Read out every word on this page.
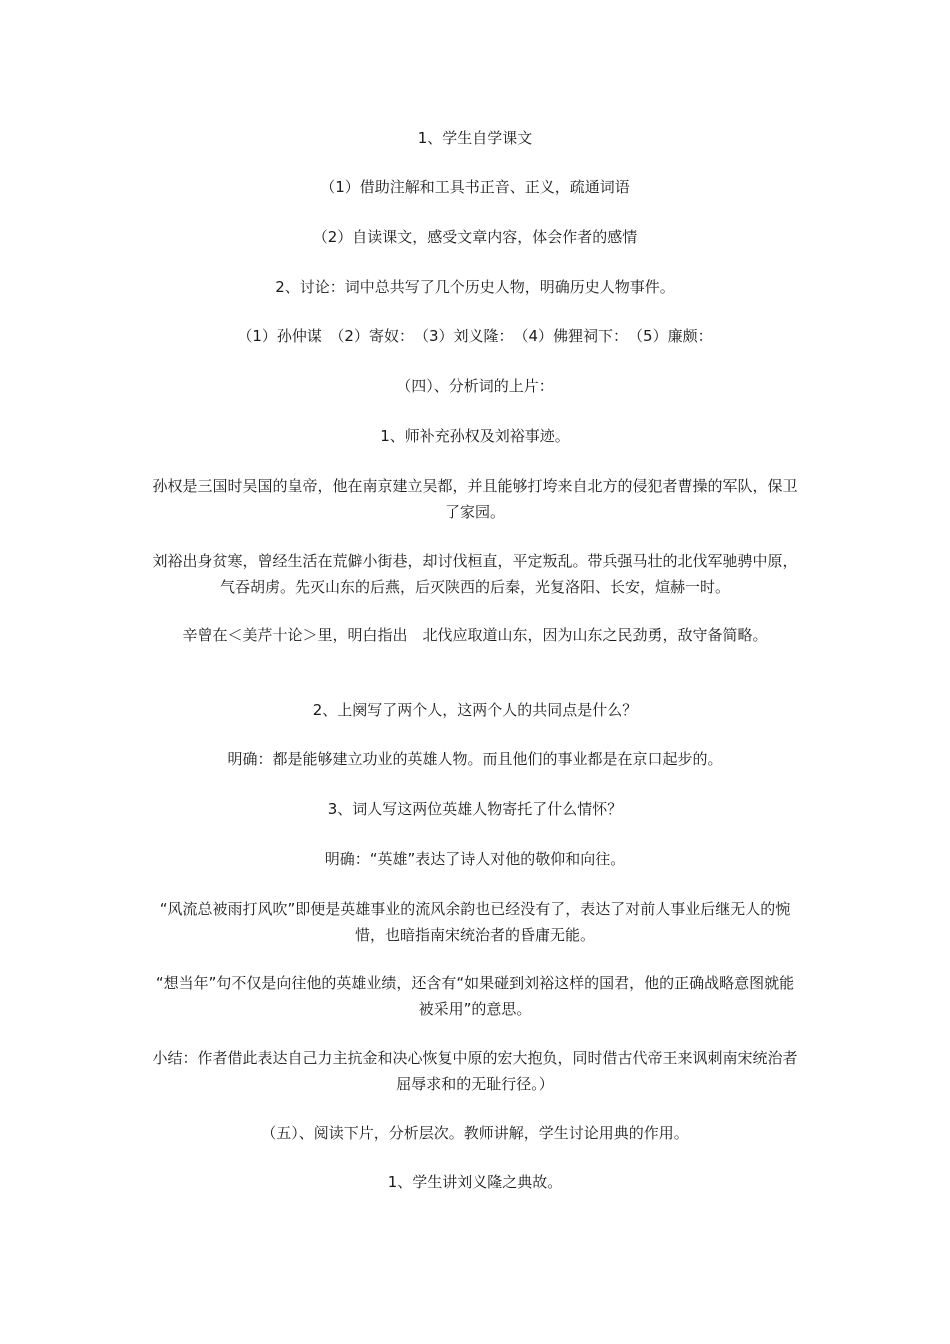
1、学生自学课文
（1）借助注解和工具书正音、正义，疏通词语
（2）自读课文，感受文章内容，体会作者的感情
2、讨论：词中总共写了几个历史人物，明确历史人物事件。
（1）孙仲谋　（2）寄奴：　（3）刘义隆：　（4）佛狸祠下：　（5）廉颇：
（四）、分析词的上片：
1、师补充孙权及刘裕事迹。
孙权是三国时吴国的皇帝，他在南京建立吴都，并且能够打垮来自北方的侵犯者曹操的军队，保卫了家园。
刘裕出身贫寒，曾经生活在荒僻小街巷，却讨伐桓直，平定叛乱。带兵强马壮的北伐军驰骋中原，气吞胡虏。先灭山东的后燕，后灭陕西的后秦，光复洛阳、长安，煊赫一时。
辛曾在＜美芹十论＞里，明白指出　北伐应取道山东，因为山东之民劲勇，敌守备简略。
2、上阕写了两个人，这两个人的共同点是什么？
明确：都是能够建立功业的英雄人物。而且他们的事业都是在京口起步的。
3、词人写这两位英雄人物寄托了什么情怀？
明确：“英雄”表达了诗人对他的敬仰和向往。
“风流总被雨打风吹”即便是英雄事业的流风余韵也已经没有了，表达了对前人事业后继无人的惋惜，也暗指南宋统治者的昏庸无能。
“想当年”句不仅是向往他的英雄业绩，还含有“如果碰到刘裕这样的国君，他的正确战略意图就能被采用”的意思。
小结：作者借此表达自己力主抗金和决心恢复中原的宏大抱负，同时借古代帝王来讽刺南宋统治者屈辱求和的无耻行径。）
（五）、阅读下片，分析层次。教师讲解，学生讨论用典的作用。
1、学生讲刘义隆之典故。
